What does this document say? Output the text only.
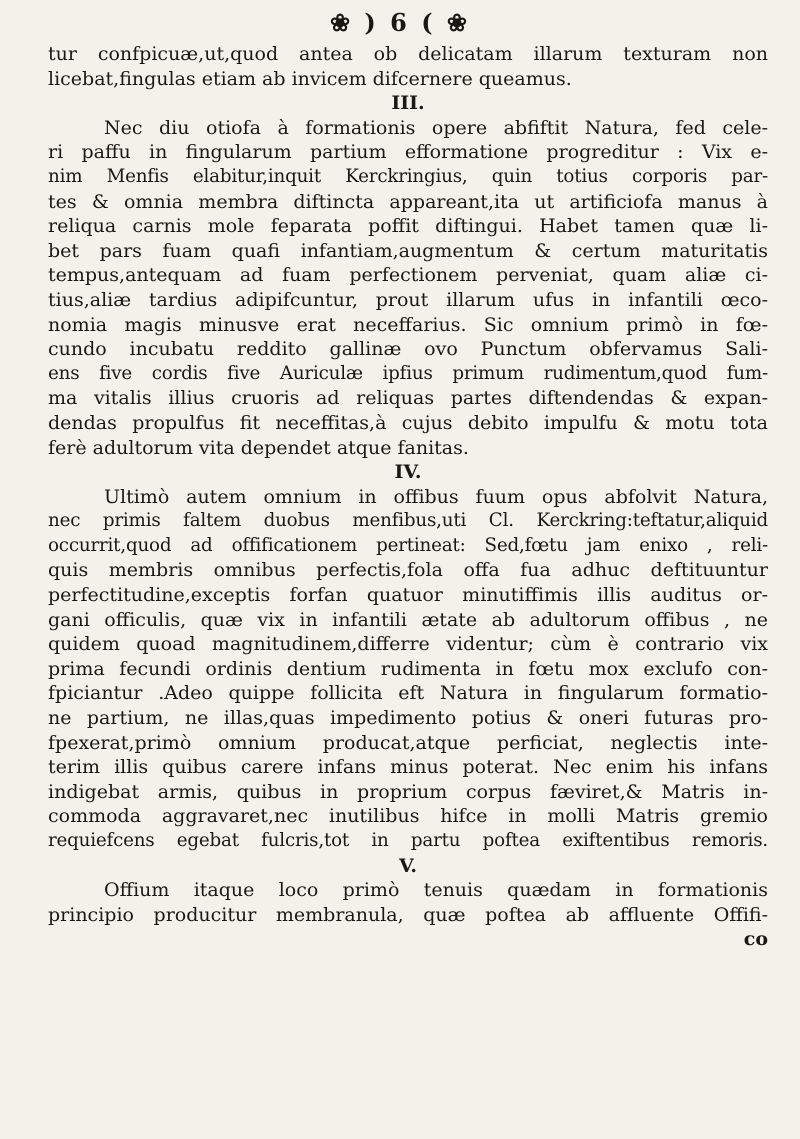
❀ ) 6 ( ❀
tur confpicuæ,ut,quod antea ob delicatam illarum texturam non
licebat,fingulas etiam ab invicem difcernere queamus.
III.
Nec diu otiofa à formationis opere abfiftit Natura, fed cele-
ri paffu in fingularum partium efformatione progreditur : Vix e-
nim Menfis elabitur,inquit Kerckringius, quin totius corporis par-
tes & omnia membra diftincta appareant,ita ut artificiofa manus à
reliqua carnis mole feparata poffit diftingui. Habet tamen quæ li-
bet pars fuam quafi infantiam,augmentum & certum maturitatis
tempus,antequam ad fuam perfectionem perveniat, quam aliæ ci-
tius,aliæ tardius adipifcuntur, prout illarum ufus in infantili œco-
nomia magis minusve erat neceffarius. Sic omnium primò in fœ-
cundo incubatu reddito gallinæ ovo Punctum obfervamus Sali-
ens five cordis five Auriculæ ipfius primum rudimentum,quod fum-
ma vitalis illius cruoris ad reliquas partes diftendendas & expan-
dendas propulfus fit neceffitas,à cujus debito impulfu & motu tota
ferè adultorum vita dependet atque fanitas.
IV.
Ultimò autem omnium in offibus fuum opus abfolvit Natura,
nec primis faltem duobus menfibus,uti Cl. Kerckring:teftatur,aliquid
occurrit,quod ad offificationem pertineat: Sed,fœtu jam enixo , reli-
quis membris omnibus perfectis,fola offa fua adhuc deftituuntur
perfectitudine,exceptis forfan quatuor minutiffimis illis auditus or-
gani officulis, quæ vix in infantili ætate ab adultorum offibus , ne
quidem quoad magnitudinem,differre videntur; cùm è contrario vix
prima fecundi ordinis dentium rudimenta in fœtu mox exclufo con-
fpiciantur .Adeo quippe follicita eft Natura in fingularum formatio-
ne partium, ne illas,quas impedimento potius & oneri futuras pro-
fpexerat,primò omnium producat,atque perficiat, neglectis inte-
terim illis quibus carere infans minus poterat. Nec enim his infans
indigebat armis, quibus in proprium corpus fæviret,& Matris in-
commoda aggravaret,nec inutilibus hifce in molli Matris gremio
requiefcens egebat fulcris,tot in partu poftea exiftentibus remoris.
V.
Offium itaque loco primò tenuis quædam in formationis
principio producitur membranula, quæ poftea ab affluente Offifi-
co
